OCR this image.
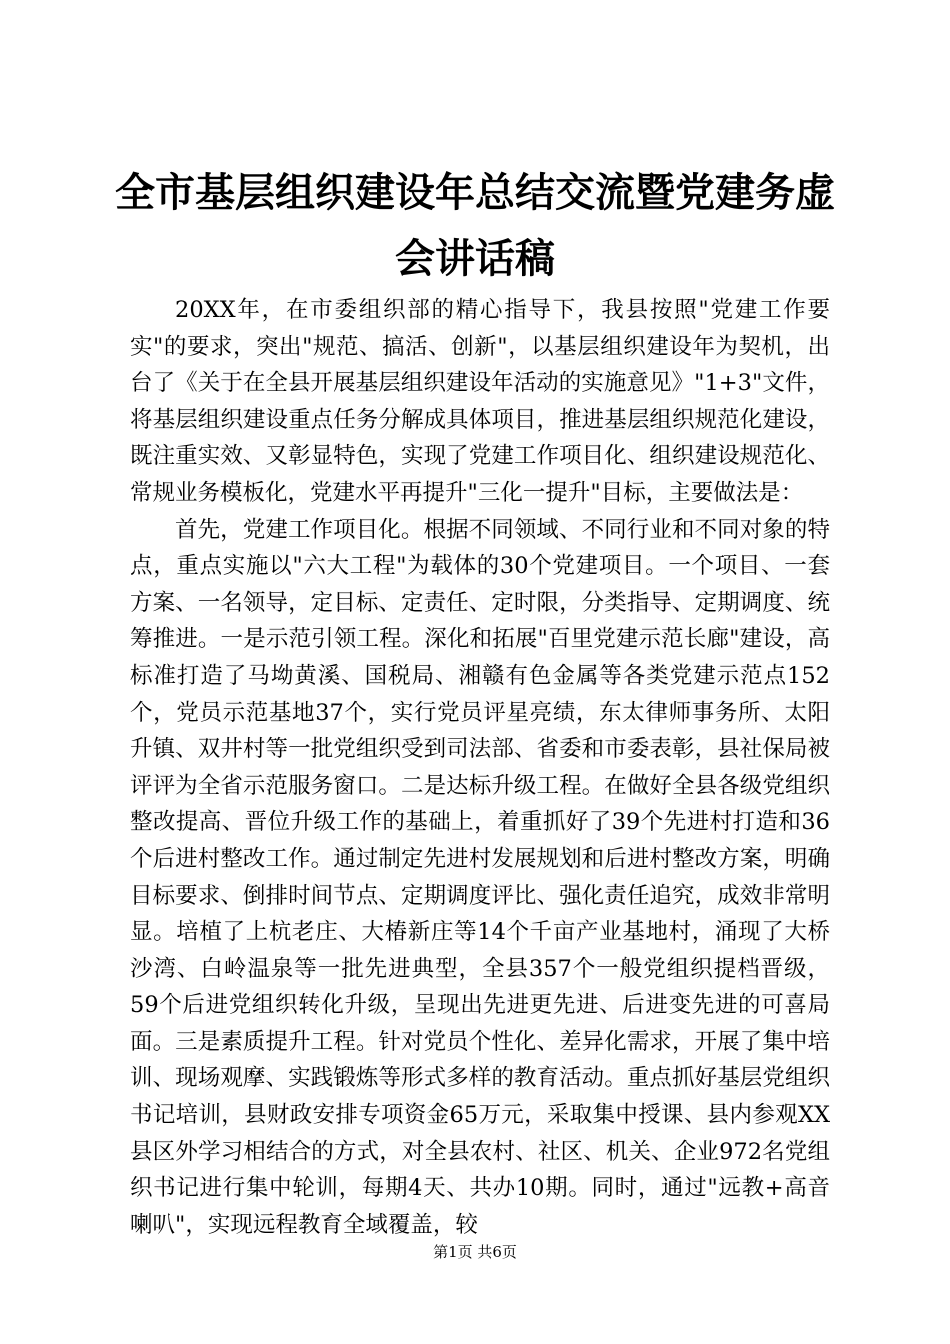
全市基层组织建设年总结交流暨党建务虚会讲话稿

20XX年，在市委组织部的精心指导下，我县按照"党建工作要实"的要求，突出"规范、搞活、创新"，以基层组织建设年为契机，出台了《关于在全县开展基层组织建设年活动的实施意见》"1+3"文件，将基层组织建设重点任务分解成具体项目，推进基层组织规范化建设，既注重实效、又彰显特色，实现了党建工作项目化、组织建设规范化、常规业务模板化，党建水平再提升"三化一提升"目标，主要做法是：

首先，党建工作项目化。根据不同领域、不同行业和不同对象的特点，重点实施以"六大工程"为载体的30个党建项目。一个项目、一套方案、一名领导，定目标、定责任、定时限，分类指导、定期调度、统筹推进。一是示范引领工程。深化和拓展"百里党建示范长廊"建设，高标准打造了马坳黄溪、国税局、湘赣有色金属等各类党建示范点152个，党员示范基地37个，实行党员评星亮绩，东太律师事务所、太阳升镇、双井村等一批党组织受到司法部、省委和市委表彰，县社保局被评评为全省示范服务窗口。二是达标升级工程。在做好全县各级党组织整改提高、晋位升级工作的基础上，着重抓好了39个先进村打造和36个后进村整改工作。通过制定先进村发展规划和后进村整改方案，明确目标要求、倒排时间节点、定期调度评比、强化责任追究，成效非常明显。培植了上杭老庄、大椿新庄等14个千亩产业基地村，涌现了大桥沙湾、白岭温泉等一批先进典型，全县357个一般党组织提档晋级，59个后进党组织转化升级，呈现出先进更先进、后进变先进的可喜局面。三是素质提升工程。针对党员个性化、差异化需求，开展了集中培训、现场观摩、实践锻炼等形式多样的教育活动。重点抓好基层党组织书记培训，县财政安排专项资金65万元，采取集中授课、县内参观XX县区外学习相结合的方式，对全县农村、社区、机关、企业972名党组织书记进行集中轮训，每期4天、共办10期。同时，通过"远教+高音喇叭"，实现远程教育全域覆盖，较

第1页 共6页
